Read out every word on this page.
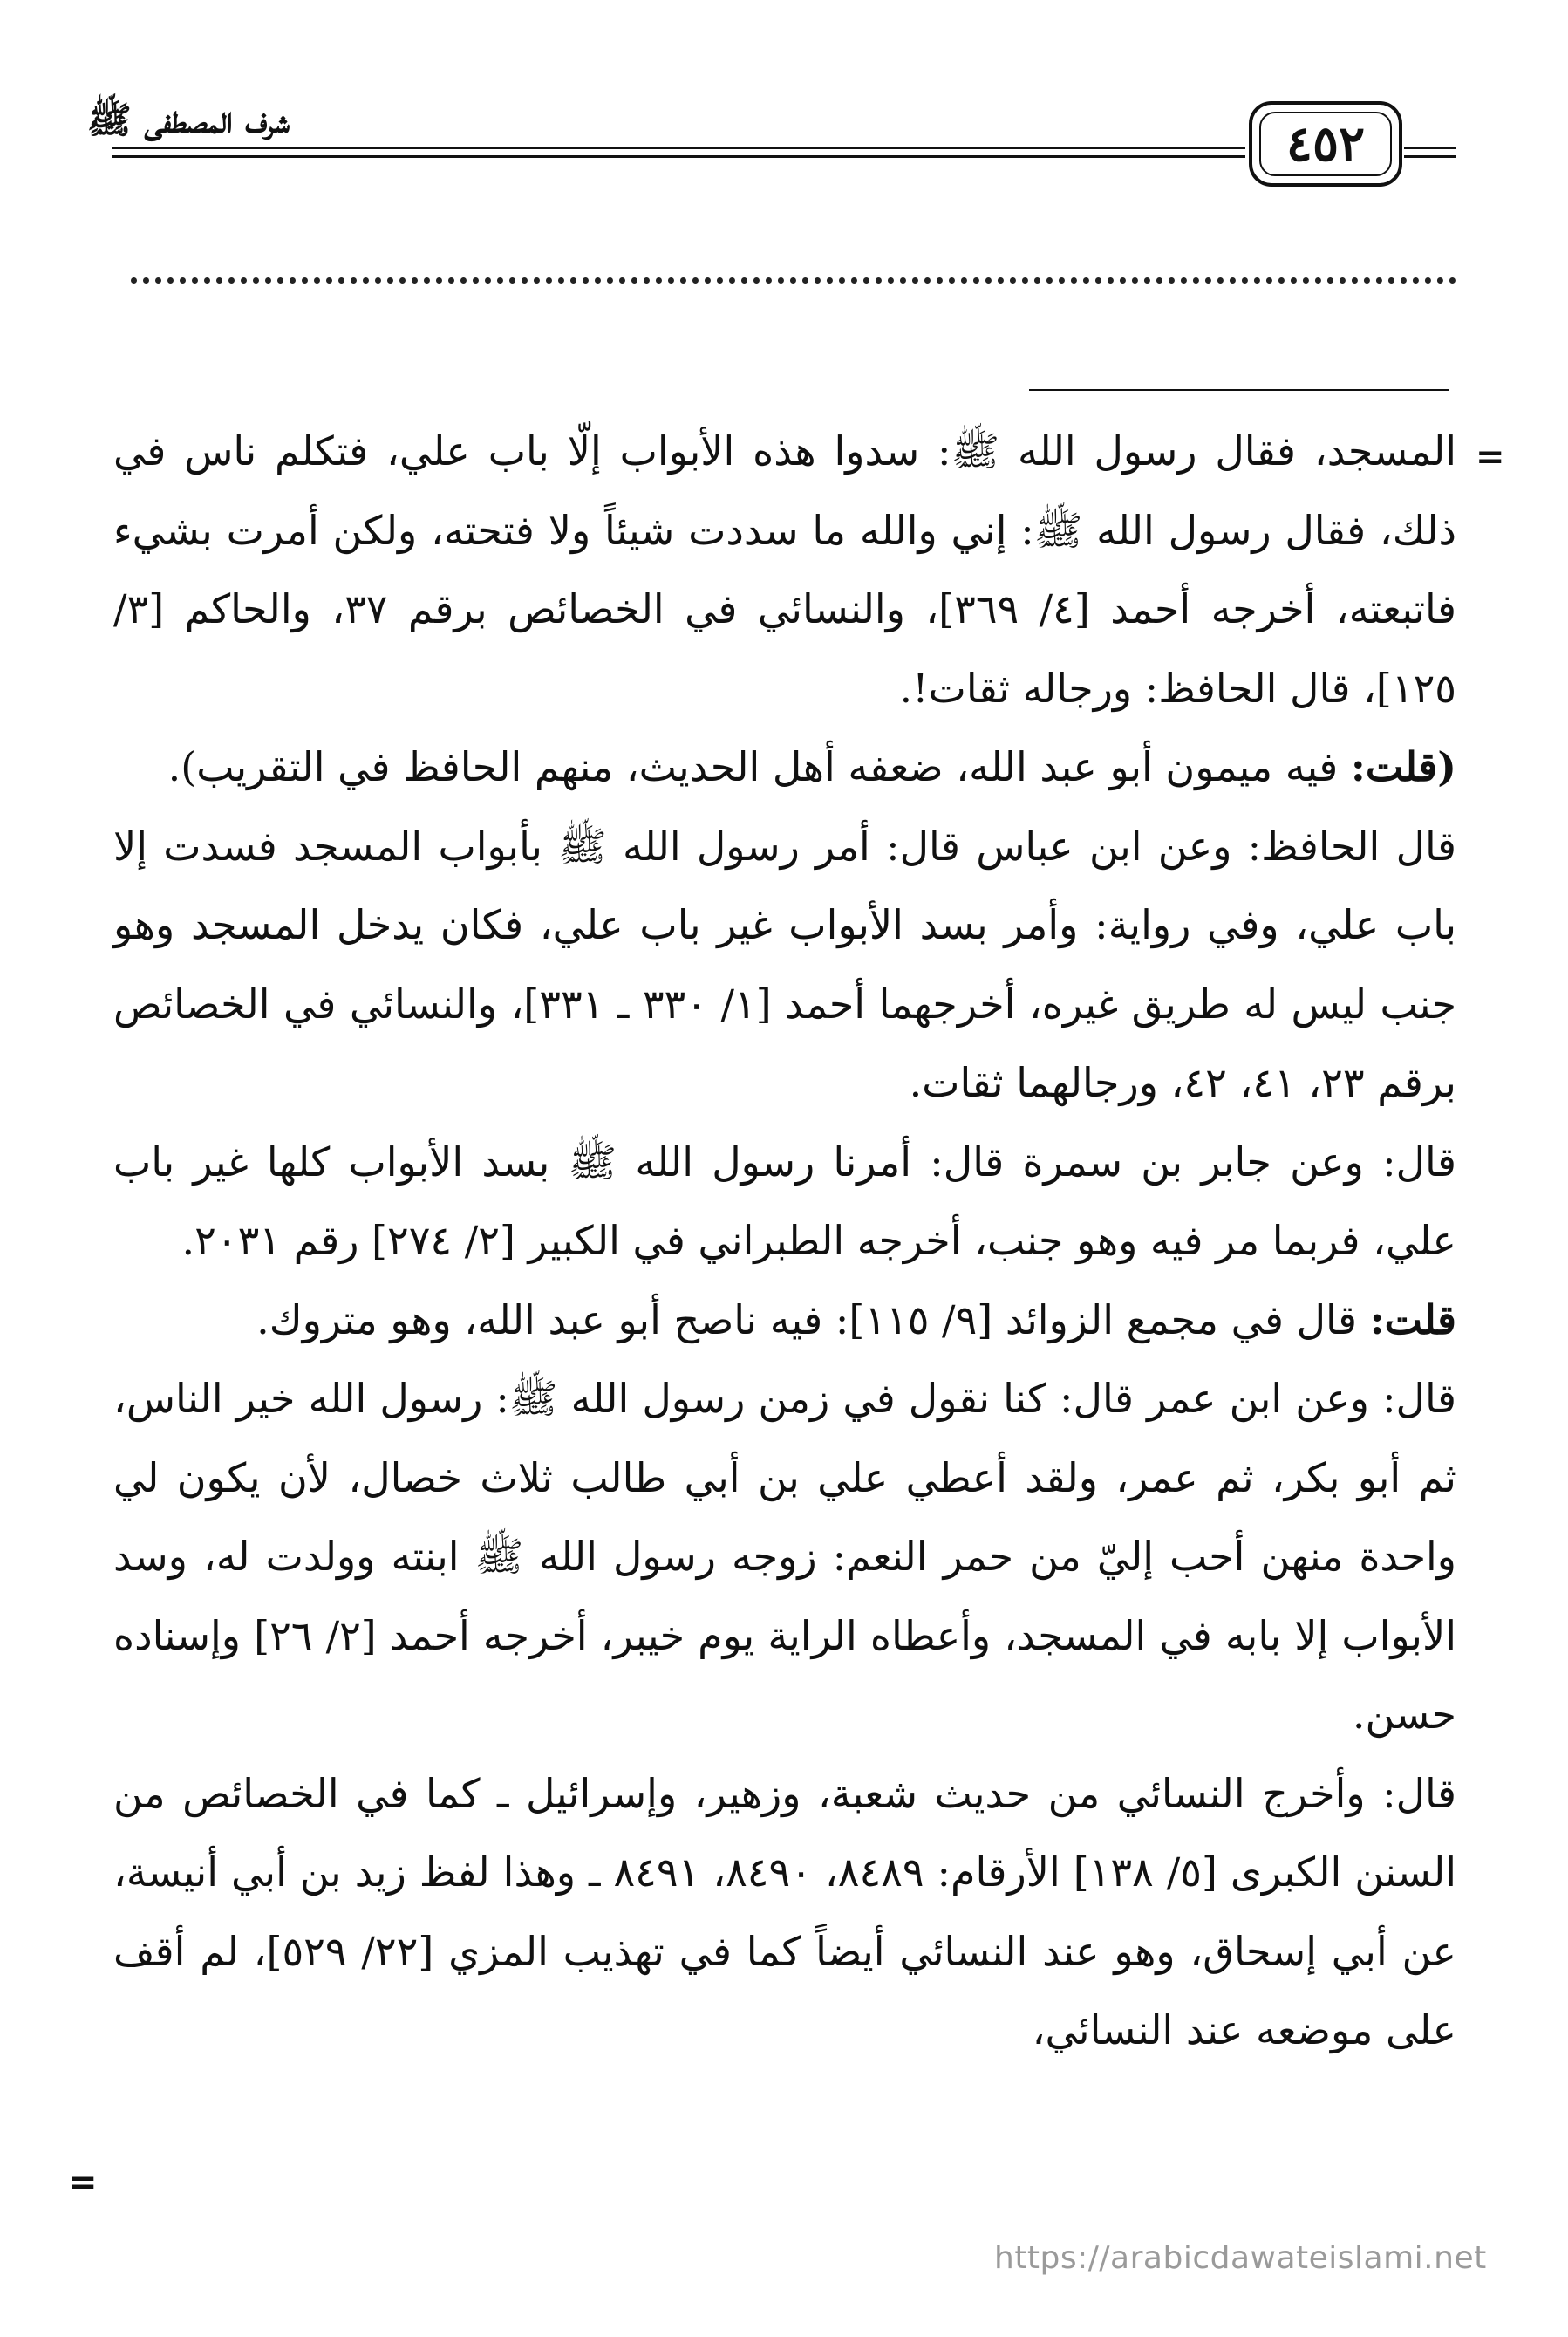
شرف المصطفى ﷺ	٤٥٢
=
=

المسجد، فقال رسول الله ﷺ: سدوا هذه الأبواب إلّا باب علي، فتكلم ناس في ذلك، فقال رسول الله ﷺ: إني والله ما سددت شيئاً ولا فتحته، ولكن أمرت بشيء فاتبعته، أخرجه أحمد [٤/ ٣٦٩]، والنسائي في الخصائص برقم ٣٧، والحاكم [٣/ ١٢٥]، قال الحافظ: ورجاله ثقات!.

(قلت: فيه ميمون أبو عبد الله، ضعفه أهل الحديث، منهم الحافظ في التقريب).

قال الحافظ: وعن ابن عباس قال: أمر رسول الله ﷺ بأبواب المسجد فسدت إلا باب علي، وفي رواية: وأمر بسد الأبواب غير باب علي، فكان يدخل المسجد وهو جنب ليس له طريق غيره، أخرجهما أحمد [١/ ٣٣٠ ـ ٣٣١]، والنسائي في الخصائص برقم ٢٣، ٤١، ٤٢، ورجالهما ثقات.

قال: وعن جابر بن سمرة قال: أمرنا رسول الله ﷺ بسد الأبواب كلها غير باب علي، فربما مر فيه وهو جنب، أخرجه الطبراني في الكبير [٢/ ٢٧٤] رقم ٢٠٣١.

قلت: قال في مجمع الزوائد [٩/ ١١٥]: فيه ناصح أبو عبد الله، وهو متروك.

قال: وعن ابن عمر قال: كنا نقول في زمن رسول الله ﷺ: رسول الله خير الناس، ثم أبو بكر، ثم عمر، ولقد أعطي علي بن أبي طالب ثلاث خصال، لأن يكون لي واحدة منهن أحب إليّ من حمر النعم: زوجه رسول الله ﷺ ابنته وولدت له، وسد الأبواب إلا بابه في المسجد، وأعطاه الراية يوم خيبر، أخرجه أحمد [٢/ ٢٦] وإسناده حسن.

قال: وأخرج النسائي من حديث شعبة، وزهير، وإسرائيل ـ كما في الخصائص من السنن الكبرى [٥/ ١٣٨] الأرقام: ٨٤٨٩، ٨٤٩٠، ٨٤٩١ ـ وهذا لفظ زيد بن أبي أنيسة، عن أبي إسحاق، وهو عند النسائي أيضاً كما في تهذيب المزي [٢٢/ ٥٢٩]، لم أقف على موضعه عند النسائي،

https://arabicdawateislami.net
